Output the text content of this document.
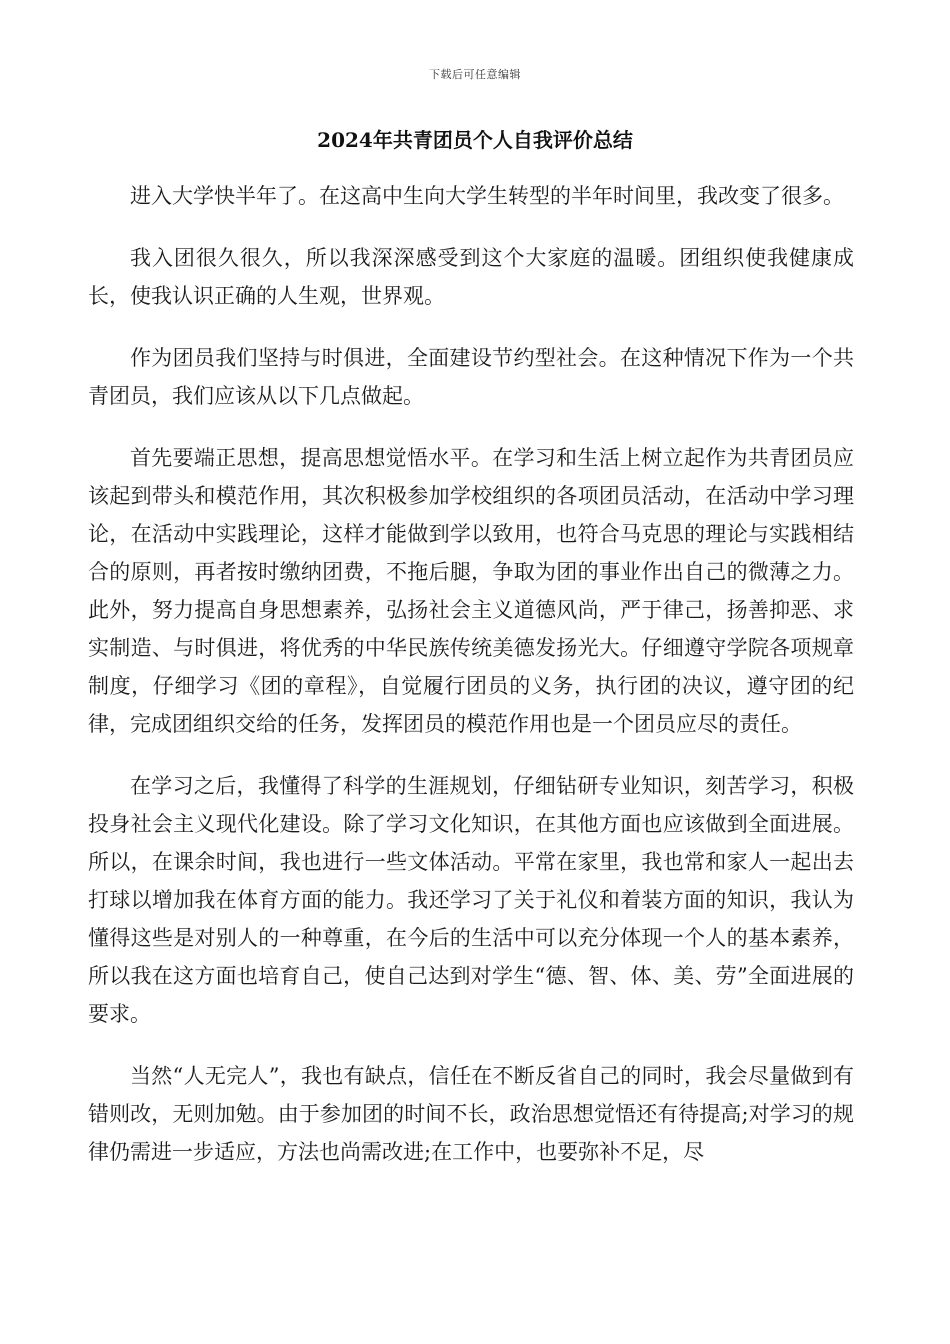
下载后可任意编辑
2024年共青团员个人自我评价总结

进入大学快半年了。在这高中生向大学生转型的半年时间里，我改变了很多。

我入团很久很久，所以我深深感受到这个大家庭的温暖。团组织使我健康成长，使我认识正确的人生观，世界观。

作为团员我们坚持与时俱进，全面建设节约型社会。在这种情况下作为一个共青团员，我们应该从以下几点做起。

首先要端正思想，提高思想觉悟水平。在学习和生活上树立起作为共青团员应该起到带头和模范作用，其次积极参加学校组织的各项团员活动，在活动中学习理论，在活动中实践理论，这样才能做到学以致用，也符合马克思的理论与实践相结合的原则，再者按时缴纳团费，不拖后腿，争取为团的事业作出自己的微薄之力。此外，努力提高自身思想素养，弘扬社会主义道德风尚，严于律己，扬善抑恶、求实制造、与时俱进，将优秀的中华民族传统美德发扬光大。仔细遵守学院各项规章制度，仔细学习《团的章程》，自觉履行团员的义务，执行团的决议，遵守团的纪律，完成团组织交给的任务，发挥团员的模范作用也是一个团员应尽的责任。

在学习之后，我懂得了科学的生涯规划，仔细钻研专业知识，刻苦学习，积极投身社会主义现代化建设。除了学习文化知识，在其他方面也应该做到全面进展。所以，在课余时间，我也进行一些文体活动。平常在家里，我也常和家人一起出去打球以增加我在体育方面的能力。我还学习了关于礼仪和着装方面的知识，我认为懂得这些是对别人的一种尊重，在今后的生活中可以充分体现一个人的基本素养，所以我在这方面也培育自己，使自己达到对学生“德、智、体、美、劳”全面进展的要求。

当然“人无完人”，我也有缺点，信任在不断反省自己的同时，我会尽量做到有错则改，无则加勉。由于参加团的时间不长，政治思想觉悟还有待提高;对学习的规律仍需进一步适应，方法也尚需改进;在工作中，也要弥补不足，尽
